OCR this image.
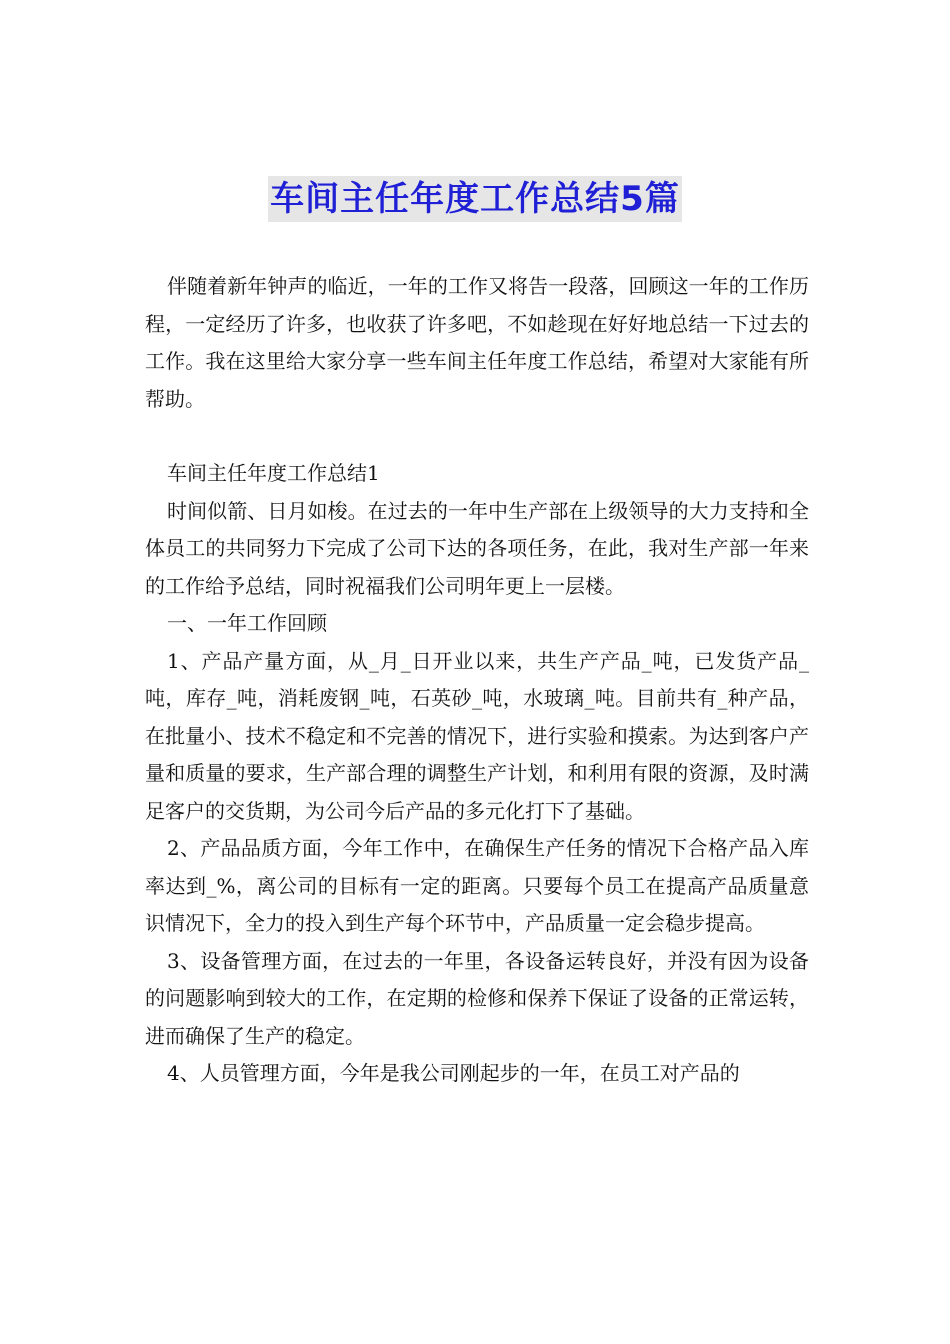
车间主任年度工作总结5篇

伴随着新年钟声的临近，一年的工作又将告一段落，回顾这一年的工作历程，一定经历了许多，也收获了许多吧，不如趁现在好好地总结一下过去的工作。我在这里给大家分享一些车间主任年度工作总结，希望对大家能有所帮助。

车间主任年度工作总结1

时间似箭、日月如梭。在过去的一年中生产部在上级领导的大力支持和全体员工的共同努力下完成了公司下达的各项任务，在此，我对生产部一年来的工作给予总结，同时祝福我们公司明年更上一层楼。

一、一年工作回顾

1、产品产量方面，从_月_日开业以来，共生产产品_吨，已发货产品_吨，库存_吨，消耗废钢_吨，石英砂_吨，水玻璃_吨。目前共有_种产品，在批量小、技术不稳定和不完善的情况下，进行实验和摸索。为达到客户产量和质量的要求，生产部合理的调整生产计划，和利用有限的资源，及时满足客户的交货期，为公司今后产品的多元化打下了基础。

2、产品品质方面，今年工作中，在确保生产任务的情况下合格产品入库率达到_%，离公司的目标有一定的距离。只要每个员工在提高产品质量意识情况下，全力的投入到生产每个环节中，产品质量一定会稳步提高。

3、设备管理方面，在过去的一年里，各设备运转良好，并没有因为设备的问题影响到较大的工作，在定期的检修和保养下保证了设备的正常运转，进而确保了生产的稳定。

4、人员管理方面，今年是我公司刚起步的一年，在员工对产品的
